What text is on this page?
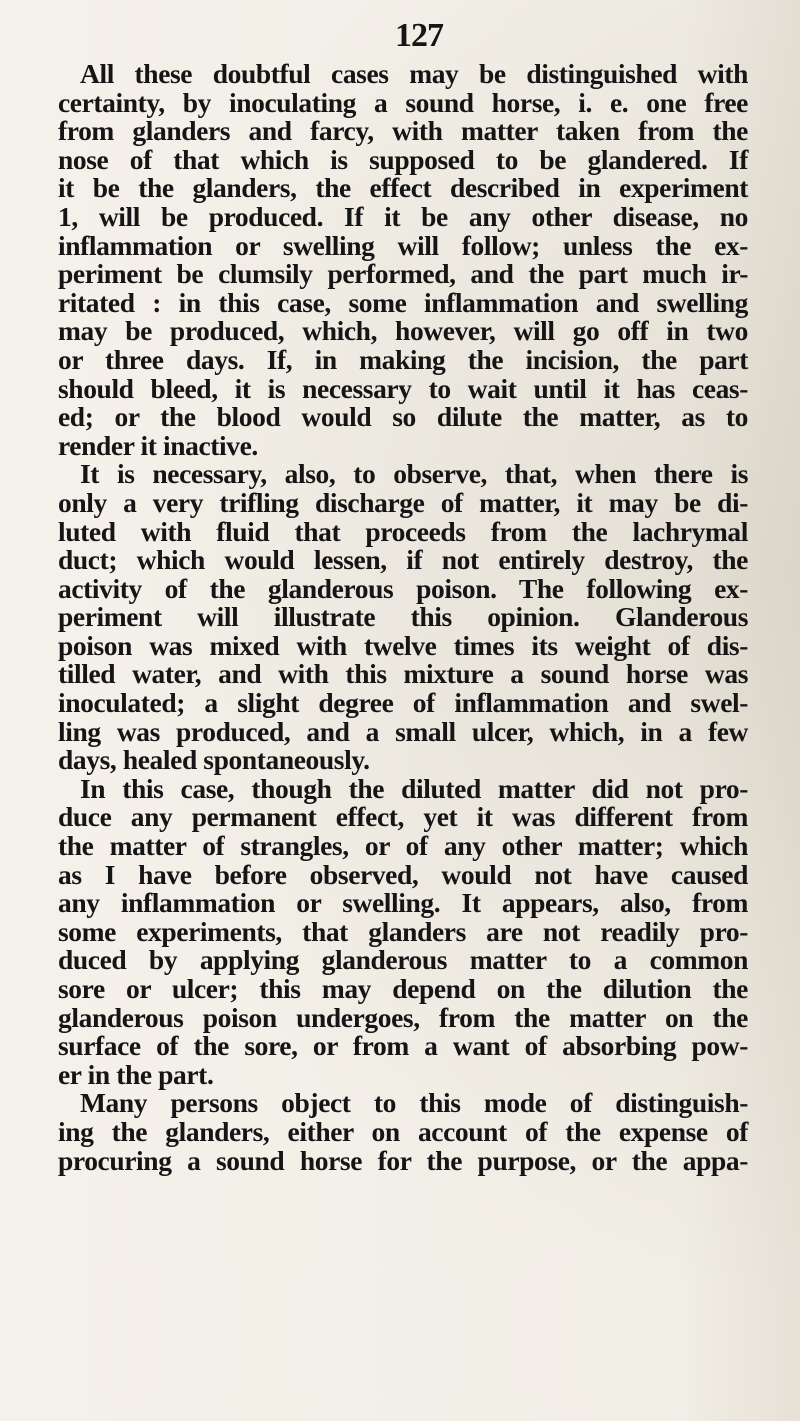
127
All these doubtful cases may be distinguished with
certainty, by inoculating a sound horse, i. e. one free
from glanders and farcy, with matter taken from the
nose of that which is supposed to be glandered. If
it be the glanders, the effect described in experiment
1, will be produced. If it be any other disease, no
inflammation or swelling will follow; unless the ex-
periment be clumsily performed, and the part much ir-
ritated : in this case, some inflammation and swelling
may be produced, which, however, will go off in two
or three days. If, in making the incision, the part
should bleed, it is necessary to wait until it has ceas-
ed; or the blood would so dilute the matter, as to
render it inactive.
It is necessary, also, to observe, that, when there is
only a very trifling discharge of matter, it may be di-
luted with fluid that proceeds from the lachrymal
duct; which would lessen, if not entirely destroy, the
activity of the glanderous poison. The following ex-
periment will illustrate this opinion. Glanderous
poison was mixed with twelve times its weight of dis-
tilled water, and with this mixture a sound horse was
inoculated; a slight degree of inflammation and swel-
ling was produced, and a small ulcer, which, in a few
days, healed spontaneously.
In this case, though the diluted matter did not pro-
duce any permanent effect, yet it was different from
the matter of strangles, or of any other matter; which
as I have before observed, would not have caused
any inflammation or swelling. It appears, also, from
some experiments, that glanders are not readily pro-
duced by applying glanderous matter to a common
sore or ulcer; this may depend on the dilution the
glanderous poison undergoes, from the matter on the
surface of the sore, or from a want of absorbing pow-
er in the part.
Many persons object to this mode of distinguish-
ing the glanders, either on account of the expense of
procuring a sound horse for the purpose, or the appa-
